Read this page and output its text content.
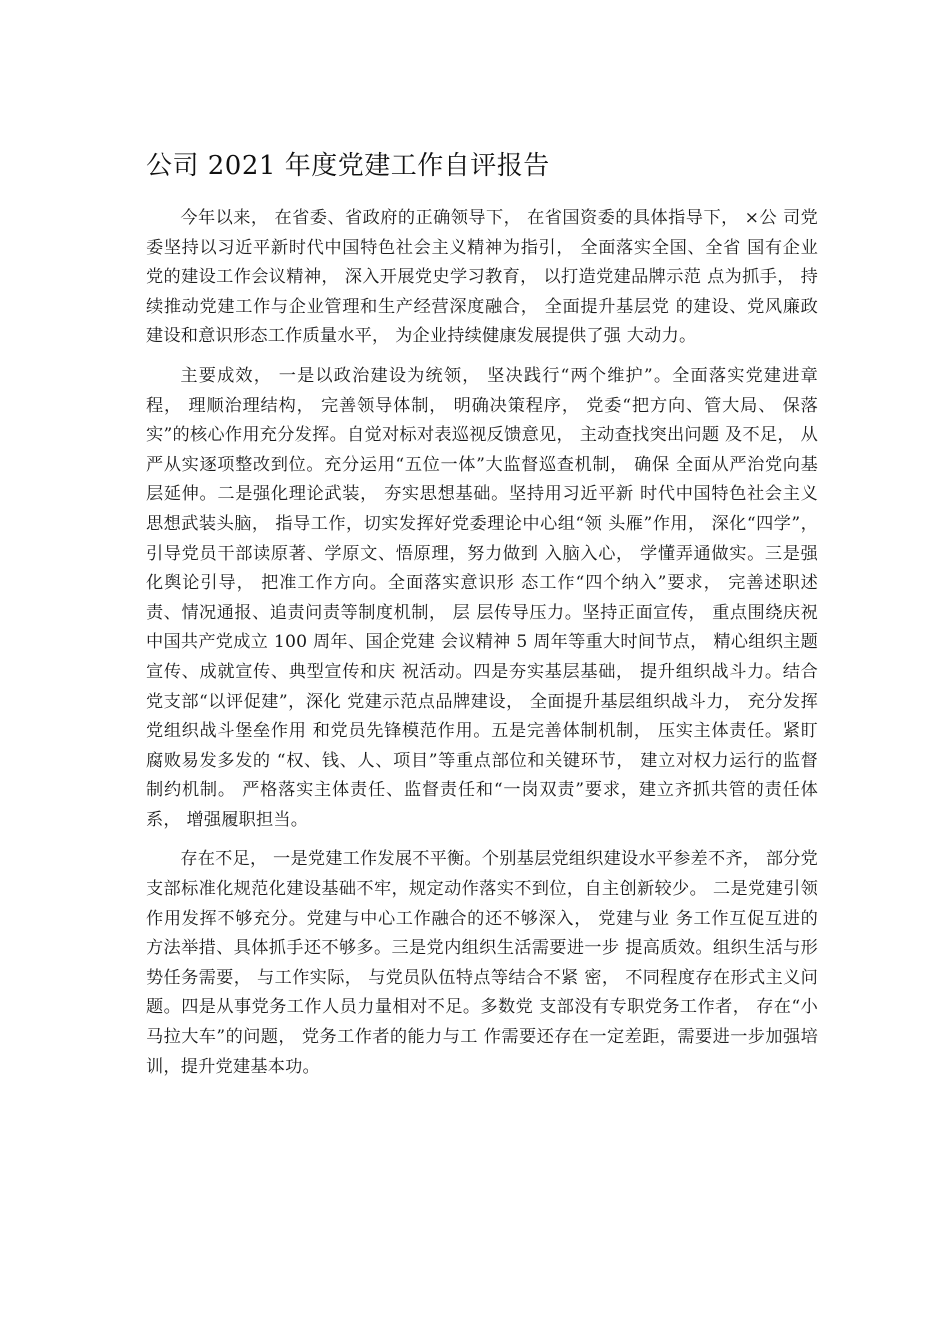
公司 2021 年度党建工作自评报告

今年以来， 在省委、省政府的正确领导下， 在省国资委的具体指导下， ×公 司党委坚持以习近平新时代中国特色社会主义精神为指引， 全面落实全国、全省 国有企业党的建设工作会议精神， 深入开展党史学习教育， 以打造党建品牌示范 点为抓手， 持续推动党建工作与企业管理和生产经营深度融合， 全面提升基层党 的建设、党风廉政建设和意识形态工作质量水平， 为企业持续健康发展提供了强 大动力。

主要成效， 一是以政治建设为统领， 坚决践行“两个维护”。全面落实党建进章程， 理顺治理结构， 完善领导体制， 明确决策程序， 党委“把方向、管大局、 保落实”的核心作用充分发挥。自觉对标对表巡视反馈意见， 主动查找突出问题 及不足， 从严从实逐项整改到位。充分运用“五位一体”大监督巡查机制， 确保 全面从严治党向基层延伸。二是强化理论武装， 夯实思想基础。坚持用习近平新 时代中国特色社会主义思想武装头脑， 指导工作，切实发挥好党委理论中心组“领 头雁”作用， 深化“四学”，引导党员干部读原著、学原文、悟原理，努力做到 入脑入心， 学懂弄通做实。三是强化舆论引导， 把准工作方向。全面落实意识形 态工作“四个纳入”要求， 完善述职述责、情况通报、追责问责等制度机制， 层 层传导压力。坚持正面宣传， 重点围绕庆祝中国共产党成立 100 周年、国企党建 会议精神 5 周年等重大时间节点， 精心组织主题宣传、成就宣传、典型宣传和庆 祝活动。四是夯实基层基础， 提升组织战斗力。结合党支部“以评促建”，深化 党建示范点品牌建设， 全面提升基层组织战斗力， 充分发挥党组织战斗堡垒作用 和党员先锋模范作用。五是完善体制机制， 压实主体责任。紧盯腐败易发多发的 “权、钱、人、项目”等重点部位和关键环节， 建立对权力运行的监督制约机制。 严格落实主体责任、监督责任和“一岗双责”要求，建立齐抓共管的责任体系， 增强履职担当。

存在不足， 一是党建工作发展不平衡。个别基层党组织建设水平参差不齐， 部分党支部标准化规范化建设基础不牢，规定动作落实不到位，自主创新较少。 二是党建引领作用发挥不够充分。党建与中心工作融合的还不够深入， 党建与业 务工作互促互进的方法举措、具体抓手还不够多。三是党内组织生活需要进一步 提高质效。组织生活与形势任务需要， 与工作实际， 与党员队伍特点等结合不紧 密， 不同程度存在形式主义问题。四是从事党务工作人员力量相对不足。多数党 支部没有专职党务工作者， 存在“小马拉大车”的问题， 党务工作者的能力与工 作需要还存在一定差距，需要进一步加强培训，提升党建基本功。
